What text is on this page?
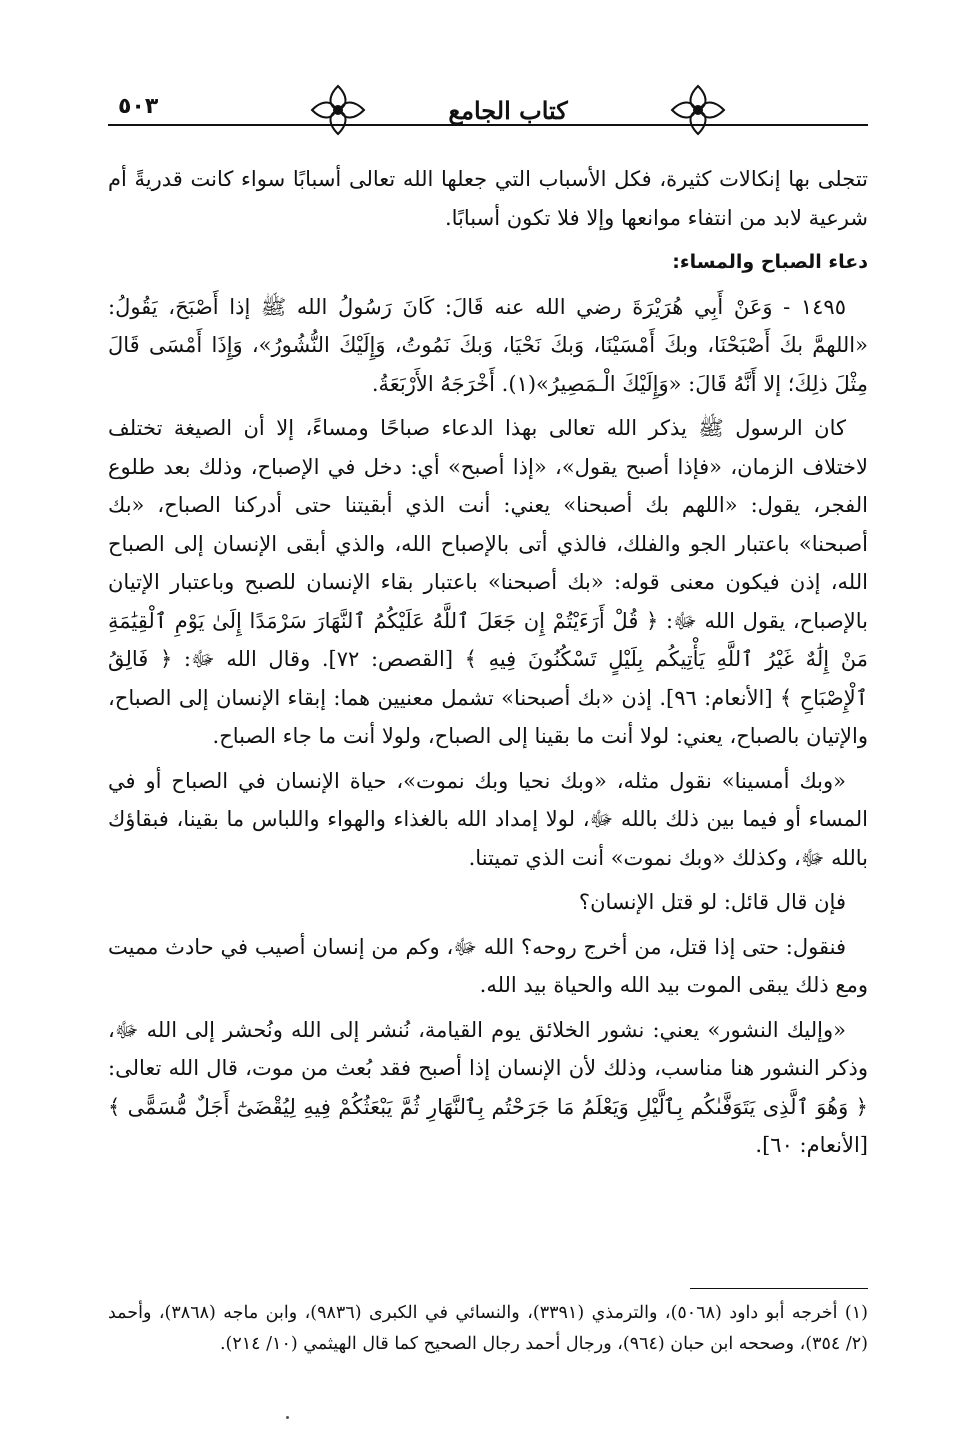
٥٠٣	كتاب الجامع

تتجلى بها إنكالات كثيرة، فكل الأسباب التي جعلها الله تعالى أسبابًا سواء كانت قدريةً أم شرعية لابد من انتفاء موانعها وإلا فلا تكون أسبابًا.

دعاء الصباح والمساء:

١٤٩٥ - وَعَنْ أَبِي هُرَيْرَةَ رضي الله عنه قَالَ: كَانَ رَسُولُ الله ﷺ إذا أَصْبَحَ، يَقُولُ: «اللهمَّ بكَ أَصْبَحْنَا، وبكَ أَمْسَيْنَا، وَبكَ نَحْيَا، وَبكَ نَمُوتُ، وَإِلَيْكَ النُّشُورُ»، وَإِذَا أَمْسَى قَالَ مِثْلَ ذلِكَ؛ إلا أَنَّهُ قَالَ: «وَإِلَيْكَ الْـمَصِيرُ»(١). أَخْرَجَهُ الأَرْبَعَةُ.

كان الرسول ﷺ يذكر الله تعالى بهذا الدعاء صباحًا ومساءً، إلا أن الصيغة تختلف لاختلاف الزمان، «فإذا أصبح يقول»، «إذا أصبح» أي: دخل في الإصباح، وذلك بعد طلوع الفجر، يقول: «اللهم بك أصبحنا» يعني: أنت الذي أبقيتنا حتى أدركنا الصباح، «بك أصبحنا» باعتبار الجو والفلك، فالذي أتى بالإصباح الله، والذي أبقى الإنسان إلى الصباح الله، إذن فيكون معنى قوله: «بك أصبحنا» باعتبار بقاء الإنسان للصبح وباعتبار الإتيان بالإصباح، يقول الله ﷻ: ﴿ قُلْ أَرَءَيْتُمْ إِن جَعَلَ ٱللَّهُ عَلَيْكُمُ ٱلنَّهَارَ سَرْمَدًا إِلَىٰ يَوْمِ ٱلْقِيَٰمَةِ مَنْ إِلَٰهٌ غَيْرُ ٱللَّهِ يَأْتِيكُم بِلَيْلٍ تَسْكُنُونَ فِيهِ ﴾ [القصص: ٧٢]. وقال الله ﷻ: ﴿ فَالِقُ ٱلْإِصْبَاحِ ﴾ [الأنعام: ٩٦]. إذن «بك أصبحنا» تشمل معنيين هما: إبقاء الإنسان إلى الصباح، والإتيان بالصباح، يعني: لولا أنت ما بقينا إلى الصباح، ولولا أنت ما جاء الصباح.

«وبك أمسينا» نقول مثله، «وبك نحيا وبك نموت»، حياة الإنسان في الصباح أو في المساء أو فيما بين ذلك بالله ﷻ، لولا إمداد الله بالغذاء والهواء واللباس ما بقينا، فبقاؤك بالله ﷻ، وكذلك «وبك نموت» أنت الذي تميتنا.

فإن قال قائل: لو قتل الإنسان؟

فنقول: حتى إذا قتل، من أخرج روحه؟ الله ﷻ، وكم من إنسان أصيب في حادث مميت ومع ذلك يبقى الموت بيد الله والحياة بيد الله.

«وإليك النشور» يعني: نشور الخلائق يوم القيامة، نُنشر إلى الله ونُحشر إلى الله ﷻ، وذكر النشور هنا مناسب، وذلك لأن الإنسان إذا أصبح فقد بُعث من موت، قال الله تعالى: ﴿ وَهُوَ ٱلَّذِى يَتَوَفَّىٰكُم بِٱلَّيْلِ وَيَعْلَمُ مَا جَرَحْتُم بِٱلنَّهَارِ ثُمَّ يَبْعَثُكُمْ فِيهِ لِيُقْضَىٰٓ أَجَلٌ مُّسَمًّى ﴾ [الأنعام: ٦٠].

(١) أخرجه أبو داود (٥٠٦٨)، والترمذي (٣٣٩١)، والنسائي في الكبرى (٩٨٣٦)، وابن ماجه (٣٨٦٨)، وأحمد (٢/ ٣٥٤)، وصححه ابن حبان (٩٦٤)، ورجال أحمد رجال الصحيح كما قال الهيثمي (١٠/ ٢١٤).
